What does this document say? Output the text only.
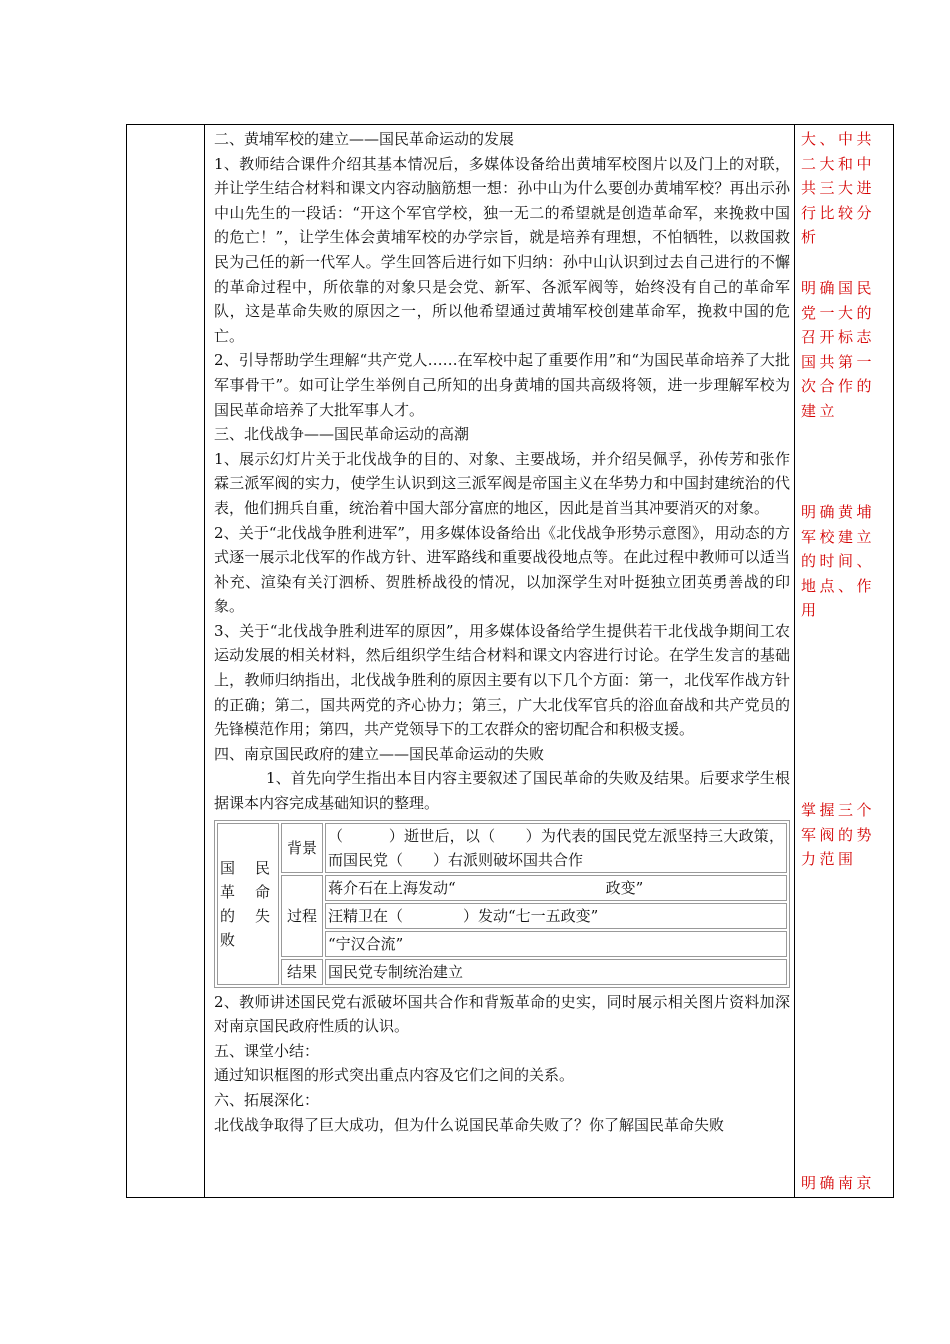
二、黄埔军校的建立——国民革命运动的发展

1、教师结合课件介绍其基本情况后，多媒体设备给出黄埔军校图片以及门上的对联，并让学生结合材料和课文内容动脑筋想一想：孙中山为什么要创办黄埔军校？再出示孙中山先生的一段话：“开这个军官学校，独一无二的希望就是创造革命军，来挽救中国的危亡！”，让学生体会黄埔军校的办学宗旨，就是培养有理想，不怕牺牲，以救国救民为己任的新一代军人。学生回答后进行如下归纳：孙中山认识到过去自己进行的不懈的革命过程中，所依靠的对象只是会党、新军、各派军阀等，始终没有自己的革命军队，这是革命失败的原因之一，所以他希望通过黄埔军校创建革命军，挽救中国的危亡。

2、引导帮助学生理解“共产党人……在军校中起了重要作用”和“为国民革命培养了大批军事骨干”。如可让学生举例自己所知的出身黄埔的国共高级将领，进一步理解军校为国民革命培养了大批军事人才。

三、北伐战争——国民革命运动的高潮

1、展示幻灯片关于北伐战争的目的、对象、主要战场，并介绍吴佩孚，孙传芳和张作霖三派军阀的实力，使学生认识到这三派军阀是帝国主义在华势力和中国封建统治的代表，他们拥兵自重，统治着中国大部分富庶的地区，因此是首当其冲要消灭的对象。

2、关于“北伐战争胜利进军”，用多媒体设备给出《北伐战争形势示意图》，用动态的方式逐一展示北伐军的作战方针、进军路线和重要战役地点等。在此过程中教师可以适当补充、渲染有关汀泗桥、贺胜桥战役的情况，以加深学生对叶挺独立团英勇善战的印象。

3、关于“北伐战争胜利进军的原因”，用多媒体设备给学生提供若干北伐战争期间工农运动发展的相关材料，然后组织学生结合材料和课文内容进行讨论。在学生发言的基础上，教师归纳指出，北伐战争胜利的原因主要有以下几个方面：第一，北伐军作战方针的正确；第二，国共两党的齐心协力；第三，广大北伐军官兵的浴血奋战和共产党员的先锋模范作用；第四，共产党领导下的工农群众的密切配合和积极支援。

四、南京国民政府的建立——国民革命运动的失败

1、首先向学生指出本目内容主要叙述了国民革命的失败及结果。后要求学生根据课本内容完成基础知识的整理。

国民革命的失败	背景	（　　　）逝世后，以（　　）为代表的国民党左派坚持三大政策，而国民党（　　）右派则破坏国共合作
	过程	蒋介石在上海发动“　　　　　　　　　　政变”
		汪精卫在（　　　　）发动“七一五政变”
		“宁汉合流”
	结果	国民党专制统治建立

2、教师讲述国民党右派破坏国共合作和背叛革命的史实，同时展示相关图片资料加深对南京国民政府性质的认识。

五、课堂小结：

通过知识框图的形式突出重点内容及它们之间的关系。

六、拓展深化：

北伐战争取得了巨大成功，但为什么说国民革命失败了？你了解国民革命失败

大、中共二大和中共三大进行比较分析
明确国民党一大的召开标志国共第一次合作的建立
明确黄埔军校建立的时间、地点、作用
掌握三个军阀的势力范围
明确南京
